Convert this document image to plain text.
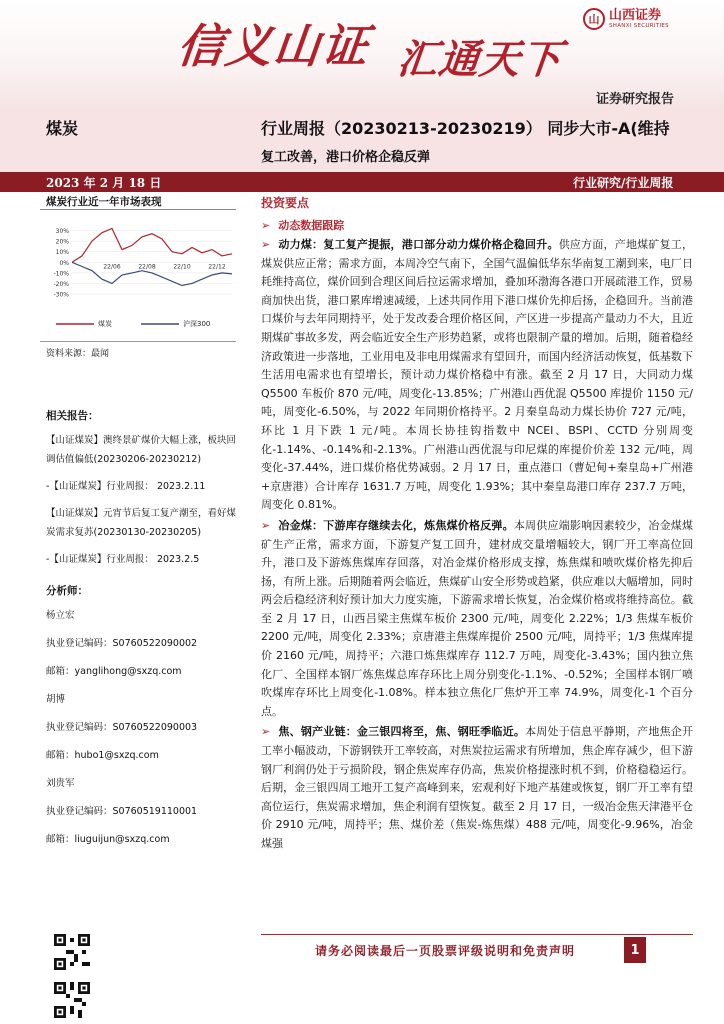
信义山证 汇通天下
山 山西证券
SHANXI SECURITIES
证券研究报告
煤炭	行业周报（20230213-20230219） 同步大市-A(维持
复工改善，港口价格企稳反弹
2023 年 2 月 18 日	行业研究/行业周报
煤炭行业近一年市场表现
30%
20%
10%
0%
-10%
-20%
-30%
22/06	22/08	22/10	22/12
煤炭	沪深300
资料来源：最闻
相关报告：
【山证煤炭】澳终景矿煤价大幅上涨，板块回调估值偏低(20230206-20230212)
-【山证煤炭】行业周报： 2023.2.11
【山证煤炭】元宵节后复工复产潮至，看好煤炭需求复苏(20230130-20230205)
-【山证煤炭】行业周报： 2023.2.5
分析师：
杨立宏
执业登记编码：S0760522090002
邮箱：yanglihong@sxzq.com
胡博
执业登记编码：S0760522090003
邮箱：hubo1@sxzq.com
刘贵军
执业登记编码：S0760519110001
邮箱：liuguijun@sxzq.com
投资要点
➢ 动态数据跟踪
➢ 动力煤：复工复产提振，港口部分动力煤价格企稳回升。供应方面，产地煤矿复工，煤炭供应正常；需求方面，本周冷空气南下，全国气温偏低华东华南复工潮到来，电厂日耗维持高位，煤价回到合理区间后拉运需求增加，叠加环渤海各港口开展疏港工作，贸易商加快出货，港口累库增速减缓，上述共同作用下港口煤价先抑后扬，企稳回升。当前港口煤价与去年同期持平，处于发改委合理价格区间，产区进一步提高产量动力不大，且近期煤矿事故多发，两会临近安全生产形势趋紧，或将也限制产量的增加。后期，随着稳经济政策进一步落地，工业用电及非电用煤需求有望回升，而国内经济活动恢复，低基数下生活用电需求也有望增长，预计动力煤价格稳中有涨。截至 2 月 17 日，大同动力煤 Q5500 车板价 870 元/吨，周变化-13.85%；广州港山西优混 Q5500 库提价 1150 元/吨，周变化-6.50%，与 2022 年同期价格持平。2 月秦皇岛动力煤长协价 727 元/吨，环比 1 月下跌 1 元/吨。本周长协挂钩指数中 NCEI、BSPI、CCTD 分别周变化-1.14%、-0.14%和-2.13%。广州港山西优混与印尼煤的库提价价差 132 元/吨，周变化-37.44%，进口煤价格优势减弱。2 月 17 日，重点港口（曹妃甸+秦皇岛+广州港+京唐港）合计库存 1631.7 万吨，周变化 1.93%；其中秦皇岛港口库存 237.7 万吨，周变化 0.81%。
➢ 冶金煤：下游库存继续去化，炼焦煤价格反弹。本周供应端影响因素较少，冶金煤煤矿生产正常，需求方面，下游复产复工回升，建材成交量增幅较大，钢厂开工率高位回升，港口及下游炼焦煤库存回落，对冶金煤价格形成支撑，炼焦煤和喷吹煤价格先抑后扬，有所上涨。后期随着两会临近，焦煤矿山安全形势或趋紧，供应难以大幅增加，同时两会后稳经济利好预计加大力度实施，下游需求增长恢复，冶金煤价格或将维持高位。截至 2 月 17 日，山西吕梁主焦煤车板价 2300 元/吨，周变化 2.22%；1/3 焦煤车板价 2200 元/吨，周变化 2.33%；京唐港主焦煤库提价 2500 元/吨，周持平；1/3 焦煤库提价 2160 元/吨，周持平；六港口炼焦煤库存 112.7 万吨，周变化-3.43%；国内独立焦化厂、全国样本钢厂炼焦煤总库存环比上周分别变化-1.1%、-0.52%；全国样本钢厂喷吹煤库存环比上周变化-1.08%。样本独立焦化厂焦炉开工率 74.9%，周变化-1 个百分点。
➢ 焦、钢产业链：金三银四将至，焦、钢旺季临近。本周处于信息平静期，产地焦企开工率小幅波动，下游钢铁开工率较高，对焦炭拉运需求有所增加，焦企库存减少，但下游钢厂利润仍处于亏损阶段，钢企焦炭库存仍高，焦炭价格提涨时机不到，价格稳稳运行。后期，金三银四周工地开工复产高峰到来，宏观利好下地产基建或恢复，钢厂开工率有望高位运行，焦炭需求增加，焦企利润有望恢复。截至 2 月 17 日，一级冶金焦天津港平仓价 2910 元/吨，周持平；焦、煤价差（焦炭-炼焦煤）488 元/吨，周变化-9.96%，冶金煤强
请务必阅读最后一页股票评级说明和免责声明	1
